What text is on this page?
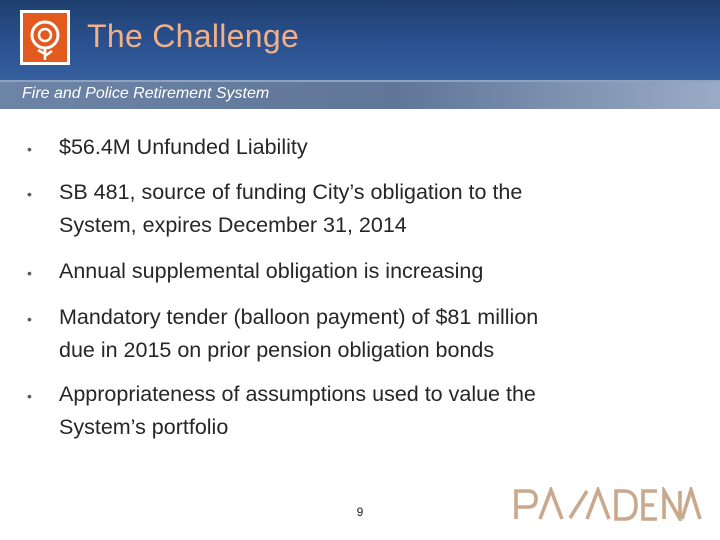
The Challenge
Fire and Police Retirement System
• $56.4M Unfunded Liability
• SB 481, source of funding City’s obligation to the
System, expires December 31, 2014
• Annual supplemental obligation is increasing
• Mandatory tender (balloon payment) of $81 million
due in 2015 on prior pension obligation bonds
• Appropriateness of assumptions used to value the
System’s portfolio
9
